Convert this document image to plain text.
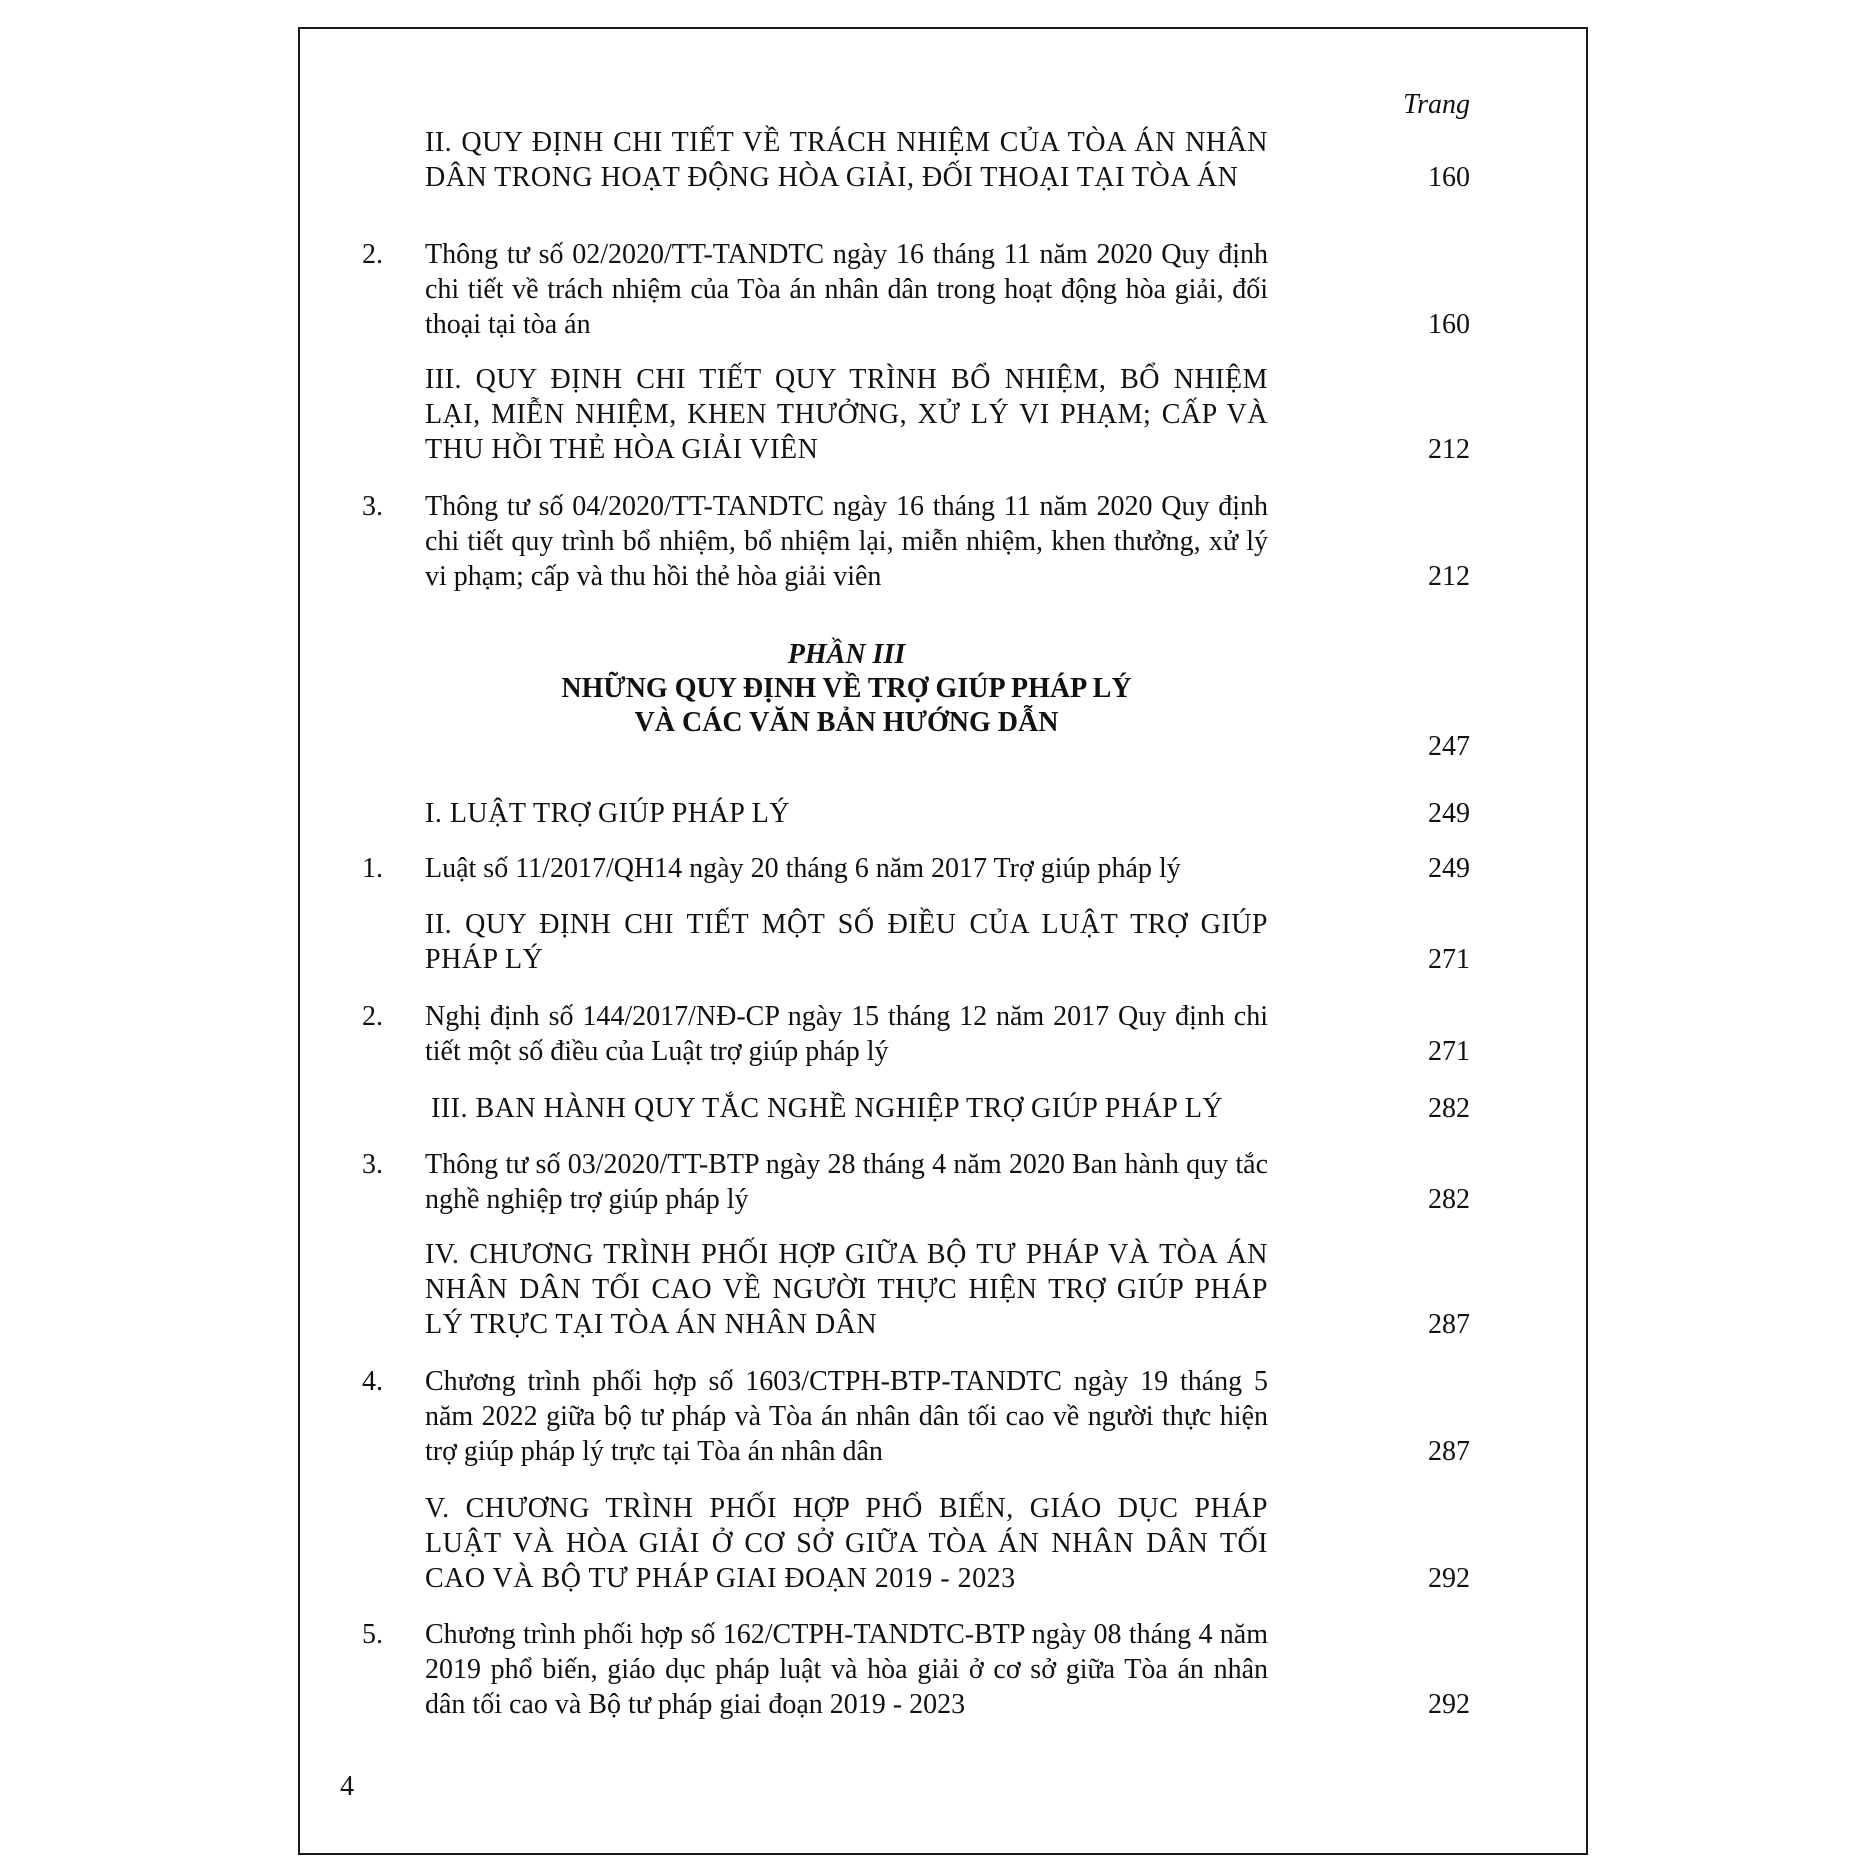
Trang
II. QUY ĐỊNH CHI TIẾT VỀ TRÁCH NHIỆM CỦA TÒA ÁN NHÂN DÂN TRONG HOẠT ĐỘNG HÒA GIẢI, ĐỐI THOẠI TẠI TÒA ÁN	160
2.	Thông tư số 02/2020/TT-TANDTC ngày 16 tháng 11 năm 2020 Quy định chi tiết về trách nhiệm của Tòa án nhân dân trong hoạt động hòa giải, đối thoại tại tòa án	160
III. QUY ĐỊNH CHI TIẾT QUY TRÌNH BỔ NHIỆM, BỔ NHIỆM LẠI, MIỄN NHIỆM, KHEN THƯỞNG, XỬ LÝ VI PHẠM; CẤP VÀ THU HỒI THẺ HÒA GIẢI VIÊN	212
3.	Thông tư số 04/2020/TT-TANDTC ngày 16 tháng 11 năm 2020 Quy định chi tiết quy trình bổ nhiệm, bổ nhiệm lại, miễn nhiệm, khen thưởng, xử lý vi phạm; cấp và thu hồi thẻ hòa giải viên	212
PHẦN III
NHỮNG QUY ĐỊNH VỀ TRỢ GIÚP PHÁP LÝ
VÀ CÁC VĂN BẢN HƯỚNG DẪN
247
I. LUẬT TRỢ GIÚP PHÁP LÝ	249
1.	Luật số 11/2017/QH14 ngày 20 tháng 6 năm 2017 Trợ giúp pháp lý	249
II. QUY ĐỊNH CHI TIẾT MỘT SỐ ĐIỀU CỦA LUẬT TRỢ GIÚP PHÁP LÝ	271
2.	Nghị định số 144/2017/NĐ-CP ngày 15 tháng 12 năm 2017 Quy định chi tiết một số điều của Luật trợ giúp pháp lý	271
III. BAN HÀNH QUY TẮC NGHỀ NGHIỆP TRỢ GIÚP PHÁP LÝ	282
3.	Thông tư số 03/2020/TT-BTP ngày 28 tháng 4 năm 2020 Ban hành quy tắc nghề nghiệp trợ giúp pháp lý	282
IV. CHƯƠNG TRÌNH PHỐI HỢP GIỮA BỘ TƯ PHÁP VÀ TÒA ÁN NHÂN DÂN TỐI CAO VỀ NGƯỜI THỰC HIỆN TRỢ GIÚP PHÁP LÝ TRỰC TẠI TÒA ÁN NHÂN DÂN	287
4.	Chương trình phối hợp số 1603/CTPH-BTP-TANDTC ngày 19 tháng 5 năm 2022 giữa bộ tư pháp và Tòa án nhân dân tối cao về người thực hiện trợ giúp pháp lý trực tại Tòa án nhân dân	287
V. CHƯƠNG TRÌNH PHỐI HỢP PHỔ BIẾN, GIÁO DỤC PHÁP LUẬT VÀ HÒA GIẢI Ở CƠ SỞ GIỮA TÒA ÁN NHÂN DÂN TỐI CAO VÀ BỘ TƯ PHÁP GIAI ĐOẠN 2019 - 2023	292
5.	Chương trình phối hợp số 162/CTPH-TANDTC-BTP ngày 08 tháng 4 năm 2019 phổ biến, giáo dục pháp luật và hòa giải ở cơ sở giữa Tòa án nhân dân tối cao và Bộ tư pháp giai đoạn 2019 - 2023	292
4
